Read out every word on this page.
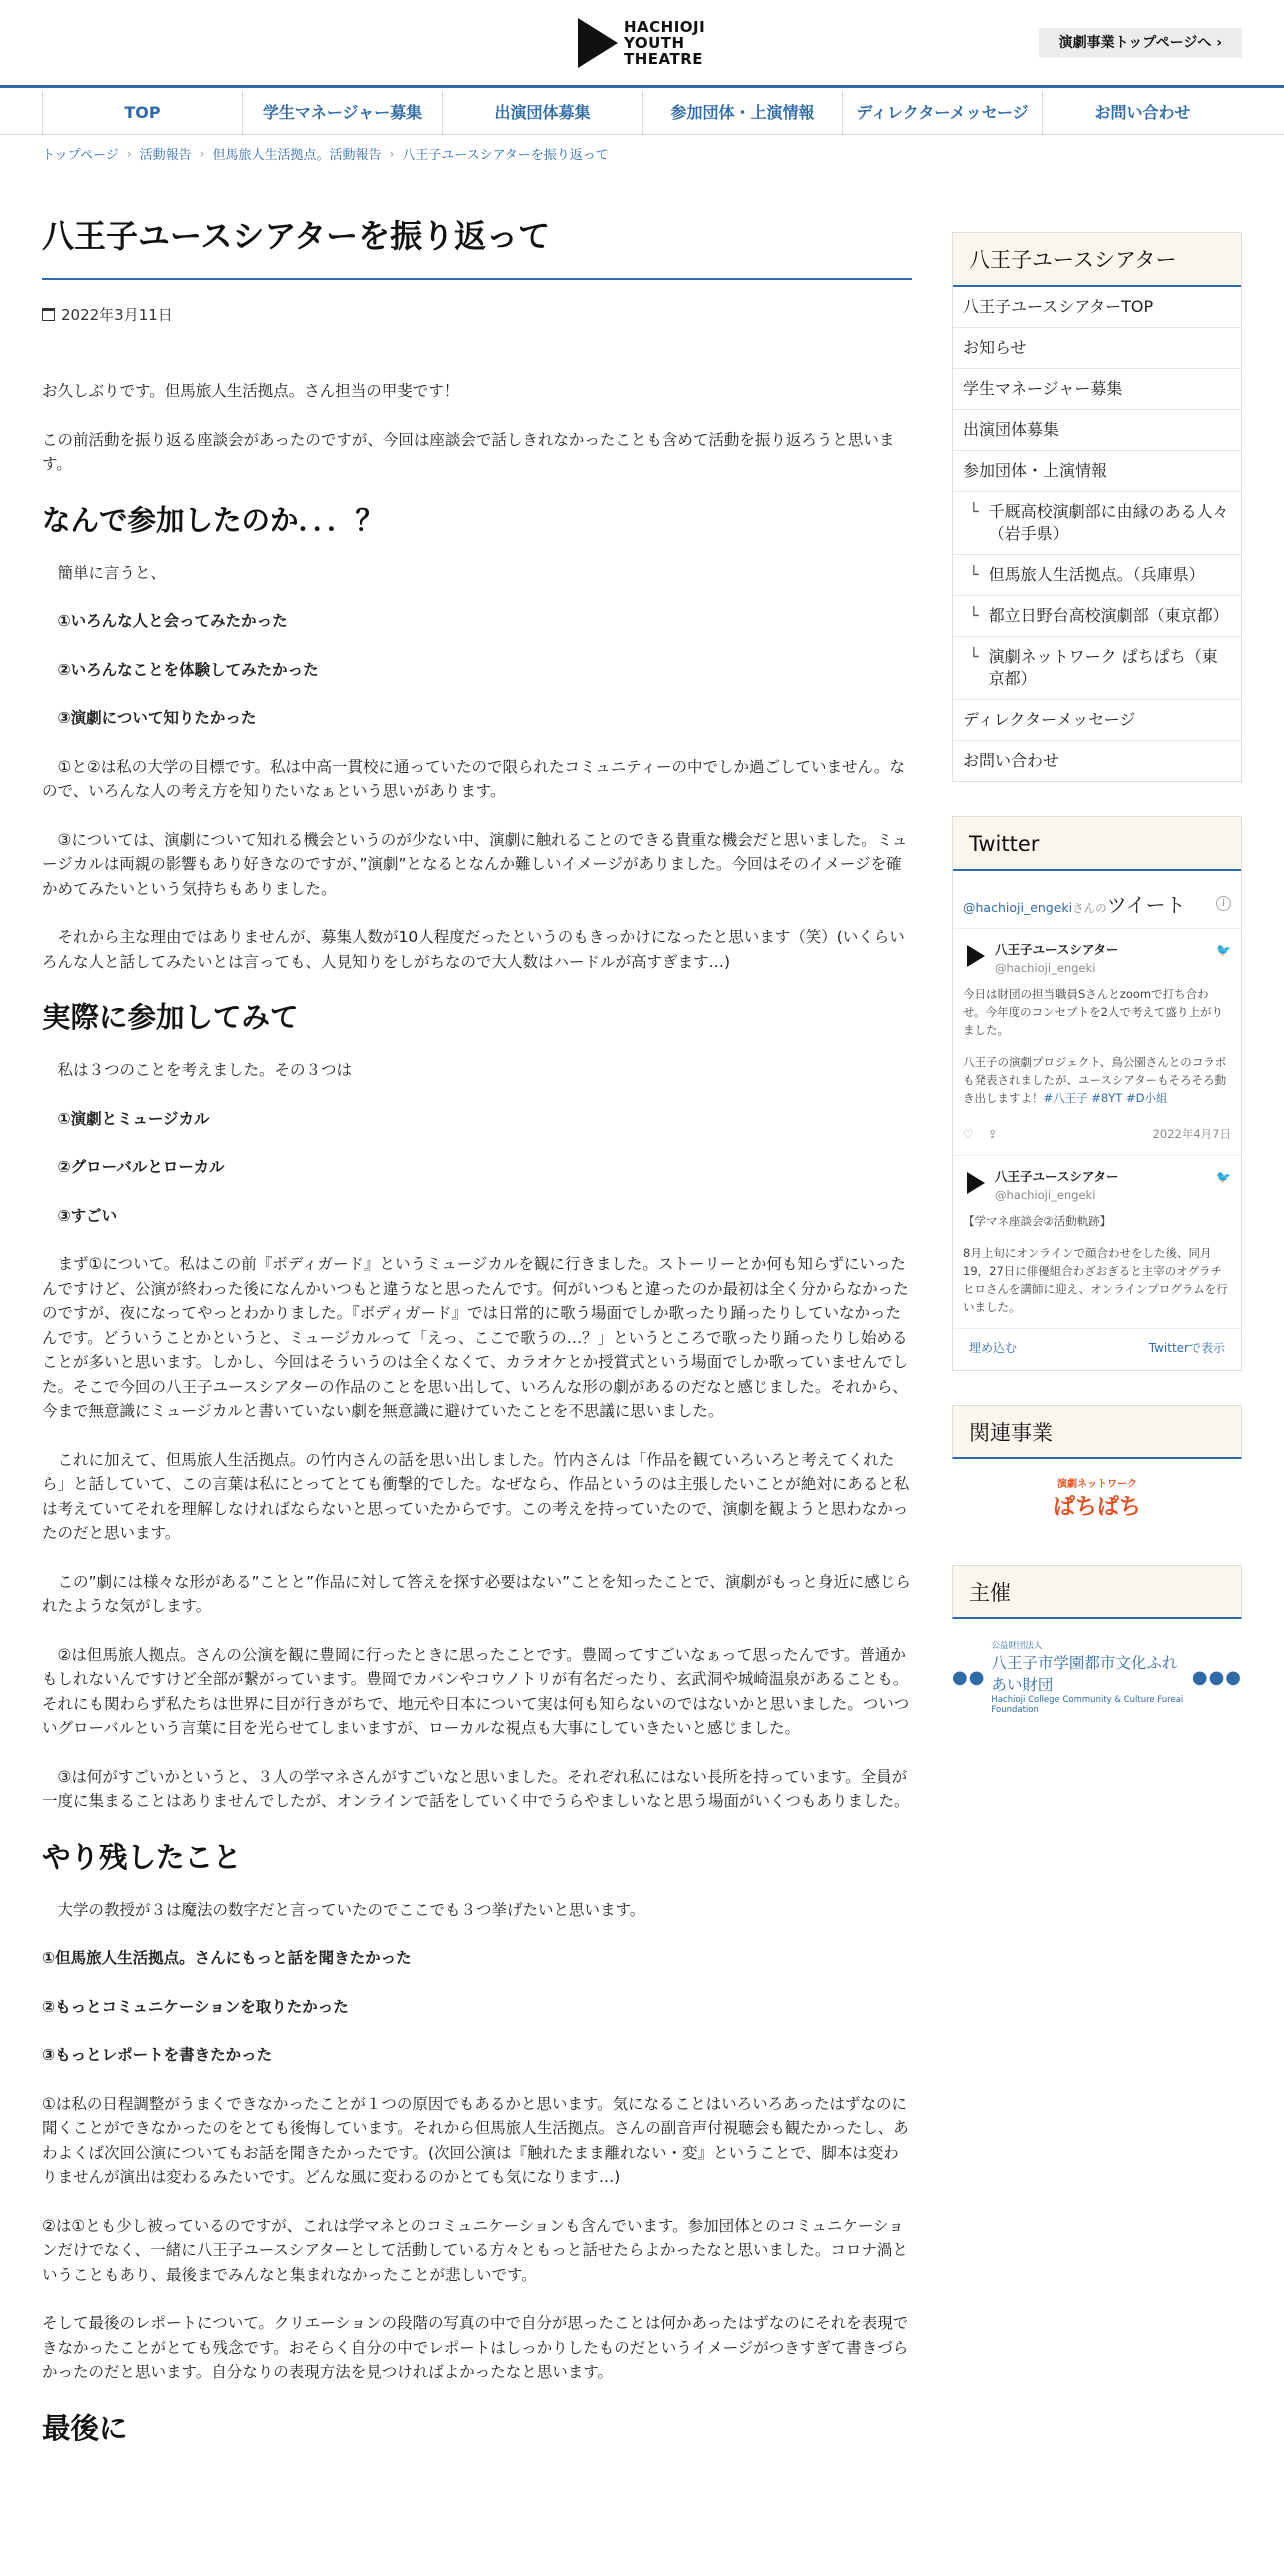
HACHIOJI
YOUTH
THEATRE
演劇事業トップページへ ›
TOP	学生マネージャー募集	出演団体募集	参加団体・上演情報	ディレクターメッセージ	お問い合わせ
トップページ › 活動報告 › 但馬旅人生活拠点。活動報告 › 八王子ユースシアターを振り返って
八王子ユースシアターを振り返って
2022年3月11日

お久しぶりです。但馬旅人生活拠点。さん担当の甲斐です！

この前活動を振り返る座談会があったのですが、今回は座談会で話しきれなかったことも含めて活動を振り返ろうと思います。

なんで参加したのか．．．？

　簡単に言うと、

　①いろんな人と会ってみたかった

　②いろんなことを体験してみたかった

　③演劇について知りたかった

　①と②は私の大学の目標です。私は中高一貫校に通っていたので限られたコミュニティーの中でしか過ごしていません。なので、いろんな人の考え方を知りたいなぁという思いがあります。

　③については、演劇について知れる機会というのが少ない中、演劇に触れることのできる貴重な機会だと思いました。ミュージカルは両親の影響もあり好きなのですが、”演劇”となるとなんか難しいイメージがありました。今回はそのイメージを確かめてみたいという気持ちもありました。

　それから主な理由ではありませんが、募集人数が10人程度だったというのもきっかけになったと思います（笑）(いくらいろんな人と話してみたいとは言っても、人見知りをしがちなので大人数はハードルが高すぎます…)

実際に参加してみて

　私は３つのことを考えました。その３つは

　①演劇とミュージカル

　②グローバルとローカル

　③すごい

　まず①について。私はこの前『ボディガード』というミュージカルを観に行きました。ストーリーとか何も知らずにいったんですけど、公演が終わった後になんかいつもと違うなと思ったんです。何がいつもと違ったのか最初は全く分からなかったのですが、夜になってやっとわかりました。『ボディガード』では日常的に歌う場面でしか歌ったり踊ったりしていなかったんです。どういうことかというと、ミュージカルって「えっ、ここで歌うの…？」というところで歌ったり踊ったりし始めることが多いと思います。しかし、今回はそういうのは全くなくて、カラオケとか授賞式という場面でしか歌っていませんでした。そこで今回の八王子ユースシアターの作品のことを思い出して、いろんな形の劇があるのだなと感じました。それから、今まで無意識にミュージカルと書いていない劇を無意識に避けていたことを不思議に思いました。

　これに加えて、但馬旅人生活拠点。の竹内さんの話を思い出しました。竹内さんは「作品を観ていろいろと考えてくれたら」と話していて、この言葉は私にとってとても衝撃的でした。なぜなら、作品というのは主張したいことが絶対にあると私は考えていてそれを理解しなければならないと思っていたからです。この考えを持っていたので、演劇を観ようと思わなかったのだと思います。

　この”劇には様々な形がある”ことと”作品に対して答えを探す必要はない”ことを知ったことで、演劇がもっと身近に感じられたような気がします。

　②は但馬旅人拠点。さんの公演を観に豊岡に行ったときに思ったことです。豊岡ってすごいなぁって思ったんです。普通かもしれないんですけど全部が繋がっています。豊岡でカバンやコウノトリが有名だったり、玄武洞や城崎温泉があることも。それにも関わらず私たちは世界に目が行きがちで、地元や日本について実は何も知らないのではないかと思いました。ついついグローバルという言葉に目を光らせてしまいますが、ローカルな視点も大事にしていきたいと感じました。

　③は何がすごいかというと、３人の学マネさんがすごいなと思いました。それぞれ私にはない長所を持っています。全員が一度に集まることはありませんでしたが、オンラインで話をしていく中でうらやましいなと思う場面がいくつもありました。

やり残したこと

　大学の教授が３は魔法の数字だと言っていたのでここでも３つ挙げたいと思います。

①但馬旅人生活拠点。さんにもっと話を聞きたかった

②もっとコミュニケーションを取りたかった

③もっとレポートを書きたかった

①は私の日程調整がうまくできなかったことが１つの原因でもあるかと思います。気になることはいろいろあったはずなのに聞くことができなかったのをとても後悔しています。それから但馬旅人生活拠点。さんの副音声付視聴会も観たかったし、あわよくば次回公演についてもお話を聞きたかったです。(次回公演は『触れたまま離れない・変』ということで、脚本は変わりませんが演出は変わるみたいです。どんな風に変わるのかとても気になります…)

②は①とも少し被っているのですが、これは学マネとのコミュニケーションも含んでいます。参加団体とのコミュニケーションだけでなく、一緒に八王子ユースシアターとして活動している方々ともっと話せたらよかったなと思いました。コロナ渦ということもあり、最後までみんなと集まれなかったことが悲しいです。

そして最後のレポートについて。クリエーションの段階の写真の中で自分が思ったことは何かあったはずなのにそれを表現できなかったことがとても残念です。おそらく自分の中でレポートはしっかりしたものだというイメージがつきすぎて書きづらかったのだと思います。自分なりの表現方法を見つければよかったなと思います。

最後に
八王子ユースシアター
八王子ユースシアターTOP
お知らせ
学生マネージャー募集
出演団体募集
参加団体・上演情報
└ 千厩高校演劇部に由縁のある人々（岩手県）
└ 但馬旅人生活拠点。（兵庫県）
└ 都立日野台高校演劇部（東京都）
└ 演劇ネットワーク ぱちぱち（東京都）
ディレクターメッセージ
お問い合わせ
Twitter
@hachioji_engekiさんのツイート	i
八王子ユースシアター
@hachioji_engeki
🐦
今日は財団の担当職員Sさんとzoomで打ち合わせ。今年度のコンセプトを2人で考えて盛り上がりました。
八王子の演劇プロジェクト、鳥公園さんとのコラボも発表されましたが、ユースシアターもそろそろ動き出しますよ！#八王子 #8YT #D小組
♡ ⇪	2022年4月7日
八王子ユースシアター
@hachioji_engeki
🐦
【学マネ座談会②活動軌跡】
8月上旬にオンラインで顔合わせをした後、同月19，27日に俳優組合わざおぎると主宰のオグラチヒロさんを講師に迎え、オンラインプログラムを行いました。
埋め込む	Twitterで表示
関連事業
演劇ネットワーク
ぱちぱち
主催
●●
公益財団法人
八王子市学園都市文化ふれあい財団
Hachioji College Community & Culture Fureai Foundation
●●●
